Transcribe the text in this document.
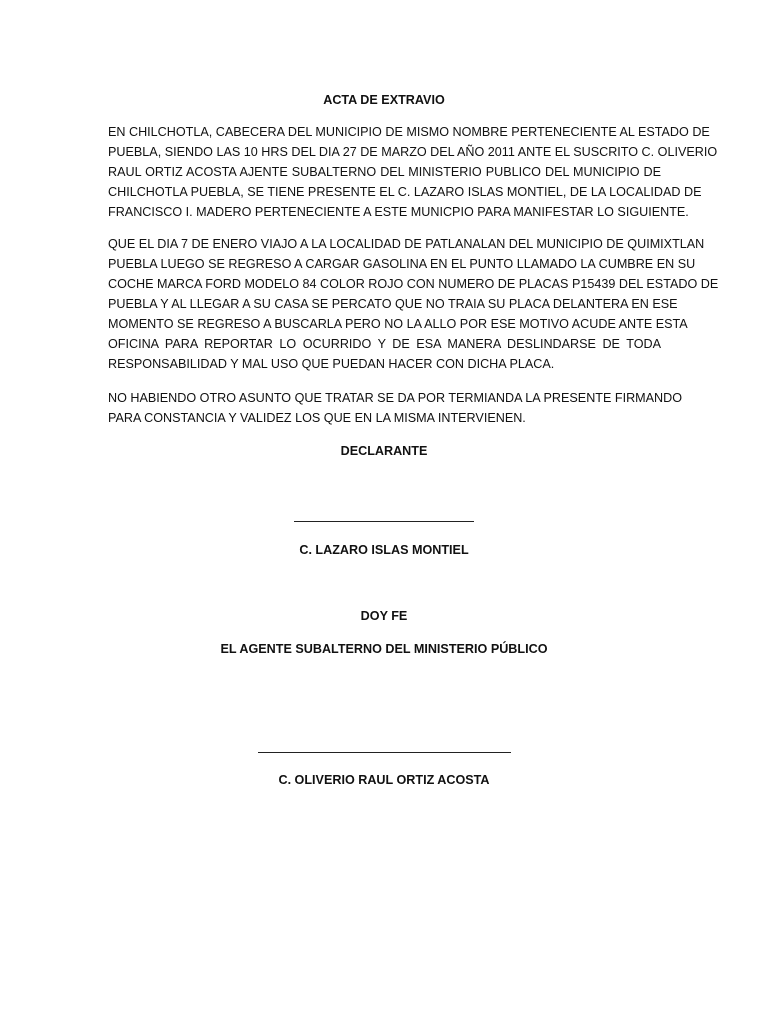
ACTA DE EXTRAVIO
EN CHILCHOTLA, CABECERA DEL MUNICIPIO DE MISMO NOMBRE PERTENECIENTE AL ESTADO DE
PUEBLA, SIENDO LAS 10 HRS DEL DIA 27 DE MARZO DEL AÑO 2011 ANTE EL SUSCRITO C. OLIVERIO
RAUL ORTIZ ACOSTA AJENTE SUBALTERNO DEL MINISTERIO PUBLICO DEL MUNICIPIO DE
CHILCHOTLA PUEBLA, SE TIENE PRESENTE EL C. LAZARO ISLAS MONTIEL, DE LA LOCALIDAD DE
FRANCISCO I. MADERO PERTENECIENTE A ESTE MUNICPIO PARA MANIFESTAR LO SIGUIENTE.
QUE EL DIA 7 DE ENERO VIAJO A LA LOCALIDAD DE PATLANALAN DEL MUNICIPIO DE QUIMIXTLAN
PUEBLA LUEGO SE REGRESO A CARGAR GASOLINA EN EL PUNTO LLAMADO LA CUMBRE EN SU
COCHE MARCA FORD MODELO 84 COLOR ROJO CON NUMERO DE PLACAS P15439 DEL ESTADO DE
PUEBLA Y AL LLEGAR A SU CASA SE PERCATO QUE NO TRAIA SU PLACA DELANTERA EN ESE
MOMENTO SE REGRESO A BUSCARLA PERO NO LA ALLO POR ESE MOTIVO ACUDE ANTE ESTA
OFICINA PARA REPORTAR LO OCURRIDO Y DE ESA MANERA DESLINDARSE DE TODA
RESPONSABILIDAD Y MAL USO QUE PUEDAN HACER CON DICHA PLACA.
NO HABIENDO OTRO ASUNTO QUE TRATAR SE DA POR TERMIANDA LA PRESENTE FIRMANDO
PARA CONSTANCIA Y VALIDEZ LOS QUE EN LA MISMA INTERVIENEN.
DECLARANTE
C. LAZARO ISLAS MONTIEL
DOY FE
EL AGENTE SUBALTERNO DEL MINISTERIO PÚBLICO
C. OLIVERIO RAUL ORTIZ ACOSTA
